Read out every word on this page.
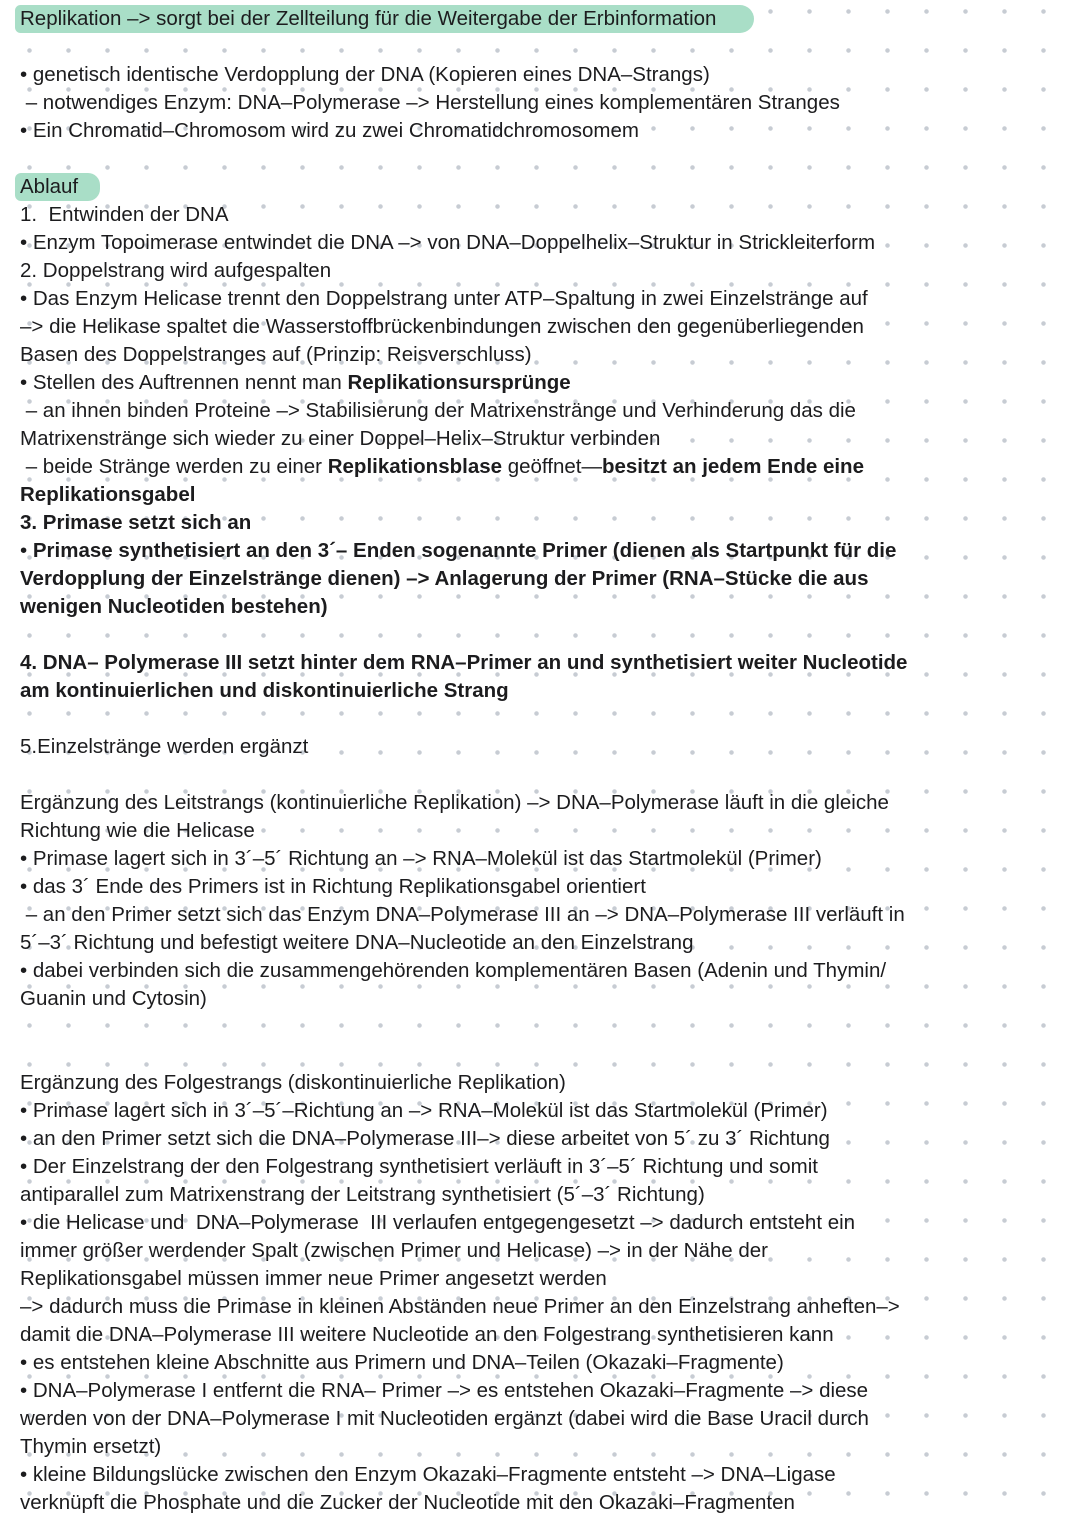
Replikation –> sorgt bei der Zellteilung für die Weitergabe der Erbinformation

• genetisch identische Verdopplung der DNA (Kopieren eines DNA–Strangs)
– notwendiges Enzym: DNA–Polymerase –> Herstellung eines komplementären Stranges
• Ein Chromatid–Chromosom wird zu zwei Chromatidchromosomem

Ablauf
1.  Entwinden der DNA
• Enzym Topoimerase entwindet die DNA –> von DNA–Doppelhelix–Struktur in Strickleiterform
2. Doppelstrang wird aufgespalten
• Das Enzym Helicase trennt den Doppelstrang unter ATP–Spaltung in zwei Einzelstränge auf
–> die Helikase spaltet die Wasserstoffbrückenbindungen zwischen den gegenüberliegenden
Basen des Doppelstranges auf (Prinzip: Reisverschluss)
• Stellen des Auftrennen nennt man Replikationsursprünge
– an ihnen binden Proteine –> Stabilisierung der Matrixenstränge und Verhinderung das die
Matrixenstränge sich wieder zu einer Doppel–Helix–Struktur verbinden
– beide Stränge werden zu einer Replikationsblase geöffnet—besitzt an jedem Ende eine
Replikationsgabel
3. Primase setzt sich an
• Primase synthetisiert an den 3´– Enden sogenannte Primer (dienen als Startpunkt für die
Verdopplung der Einzelstränge dienen) –> Anlagerung der Primer (RNA–Stücke die aus
wenigen Nucleotiden bestehen)

4. DNA– Polymerase III setzt hinter dem RNA–Primer an und synthetisiert weiter Nucleotide
am kontinuierlichen und diskontinuierliche Strang

5.Einzelstränge werden ergänzt

Ergänzung des Leitstrangs (kontinuierliche Replikation) –> DNA–Polymerase läuft in die gleiche
Richtung wie die Helicase
• Primase lagert sich in 3´–5´ Richtung an –> RNA–Molekül ist das Startmolekül (Primer)
• das 3´ Ende des Primers ist in Richtung Replikationsgabel orientiert
– an den Primer setzt sich das Enzym DNA–Polymerase III an –> DNA–Polymerase III verläuft in
5´–3´ Richtung und befestigt weitere DNA–Nucleotide an den Einzelstrang
• dabei verbinden sich die zusammengehörenden komplementären Basen (Adenin und Thymin/
Guanin und Cytosin)

Ergänzung des Folgestrangs (diskontinuierliche Replikation)
• Primase lagert sich in 3´–5´–Richtung an –> RNA–Molekül ist das Startmolekül (Primer)
• an den Primer setzt sich die DNA–Polymerase III–> diese arbeitet von 5´ zu 3´ Richtung
• Der Einzelstrang der den Folgestrang synthetisiert verläuft in 3´–5´ Richtung und somit
antiparallel zum Matrixenstrang der Leitstrang synthetisiert (5´–3´ Richtung)
• die Helicase und  DNA–Polymerase  III verlaufen entgegengesetzt –> dadurch entsteht ein
immer größer werdender Spalt (zwischen Primer und Helicase) –> in der Nähe der
Replikationsgabel müssen immer neue Primer angesetzt werden
–> dadurch muss die Primase in kleinen Abständen neue Primer an den Einzelstrang anheften–>
damit die DNA–Polymerase III weitere Nucleotide an den Folgestrang synthetisieren kann
• es entstehen kleine Abschnitte aus Primern und DNA–Teilen (Okazaki–Fragmente)
• DNA–Polymerase I entfernt die RNA– Primer –> es entstehen Okazaki–Fragmente –> diese
werden von der DNA–Polymerase I mit Nucleotiden ergänzt (dabei wird die Base Uracil durch
Thymin ersetzt)
• kleine Bildungslücke zwischen den Enzym Okazaki–Fragmente entsteht –> DNA–Ligase
verknüpft die Phosphate und die Zucker der Nucleotide mit den Okazaki–Fragmenten
